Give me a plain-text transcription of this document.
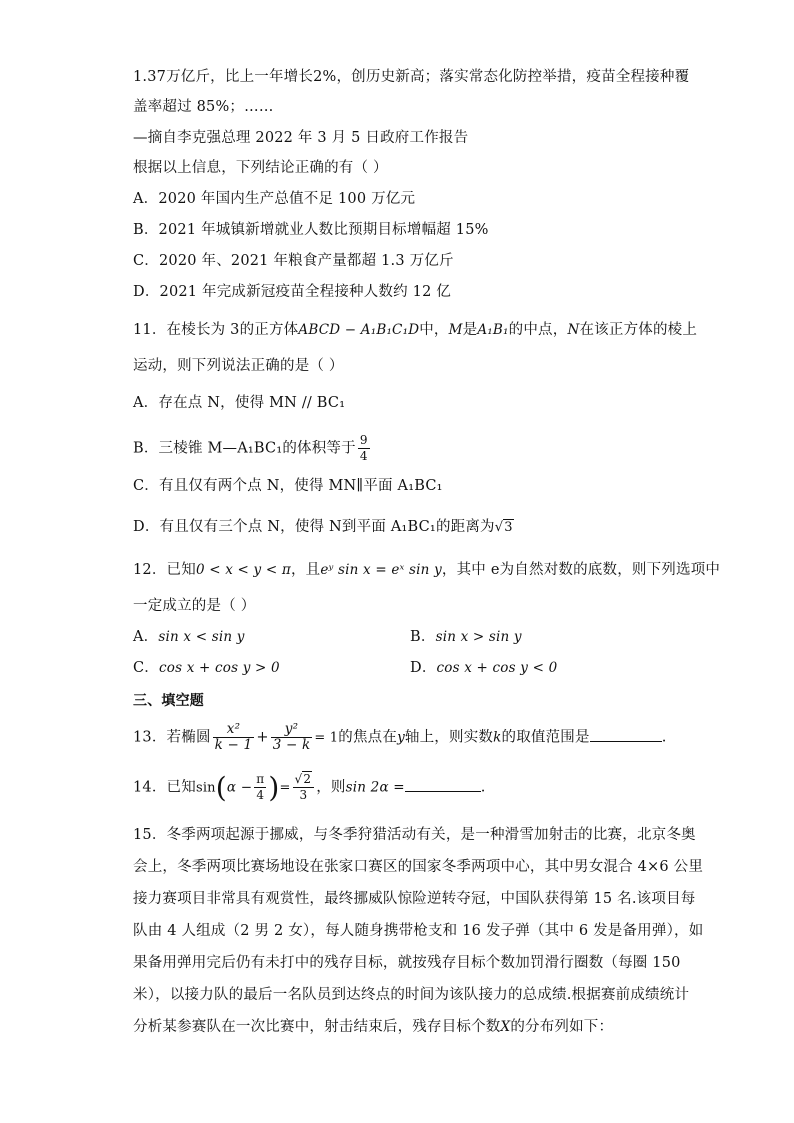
1.37万亿斤，比上一年增长2%，创历史新高；落实常态化防控举措，疫苗全程接种覆
盖率超过 85%；……
—摘自李克强总理 2022 年 3 月 5 日政府工作报告
根据以上信息，下列结论正确的有（ ）
A．2020 年国内生产总值不足 100 万亿元
B．2021 年城镇新增就业人数比预期目标增幅超 15%
C．2020 年、2021 年粮食产量都超 1.3 万亿斤
D．2021 年完成新冠疫苗全程接种人数约 12 亿
11．在棱长为 3的正方体ABCD − A₁B₁C₁D中，M是A₁B₁的中点，N在该正方体的棱上
运动，则下列说法正确的是（ ）
A．存在点 N，使得 MN // BC₁
B．三棱锥 M—A₁BC₁的体积等于 $\frac{9}{4}$
C．有且仅有两个点 N，使得 MN∥平面 A₁BC₁
D．有且仅有三个点 N，使得 N到平面 A₁BC₁的距离为√3
12．已知0 < x < y < π，且eʸ sin x = eˣ sin y，其中 e为自然对数的底数，则下列选项中
一定成立的是（ ）
A．sin x < sin y	B．sin x > sin y
C．cos x + cos y > 0	D．cos x + cos y < 0
三、填空题
13．若椭圆 $\frac{\text{x²}}{k - 1} + \frac{\text{y²}}{3 - k} = 1$的焦点在y轴上，则实数k的取值范围是	.
14．已知$\sin(\alpha - \frac{\pi}{4}$ )= $\frac{√2}{3}$ ，则sin 2α =	.
15．冬季两项起源于挪威，与冬季狩猎活动有关，是一种滑雪加射击的比赛，北京冬奥
会上，冬季两项比赛场地设在张家口赛区的国家冬季两项中心，其中男女混合 4×6 公里
接力赛项目非常具有观赏性，最终挪威队惊险逆转夺冠，中国队获得第 15 名.该项目每
队由 4 人组成（2 男 2 女），每人随身携带枪支和 16 发子弹（其中 6 发是备用弹），如
果备用弹用完后仍有未打中的残存目标，就按残存目标个数加罚滑行圈数（每圈 150
米），以接力队的最后一名队员到达终点的时间为该队接力的总成绩.根据赛前成绩统计
分析某参赛队在一次比赛中，射击结束后，残存目标个数X的分布列如下：
